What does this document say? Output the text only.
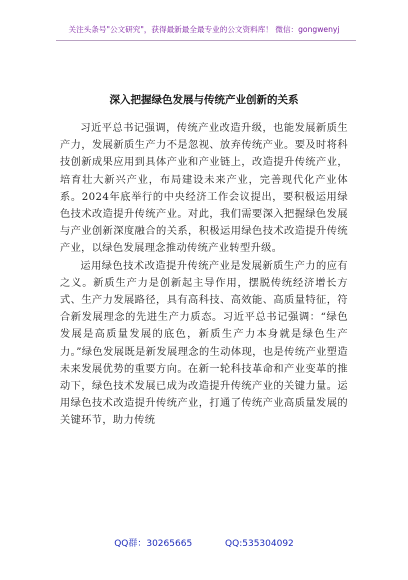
关注头条号"公文研究"，获得最新最全最专业的公文资料库！ 微信：gongwenyj
深入把握绿色发展与传统产业创新的关系

习近平总书记强调，传统产业改造升级，也能发展新质生产力，发展新质生产力不是忽视、放弃传统产业。要及时将科技创新成果应用到具体产业和产业链上，改造提升传统产业，培育壮大新兴产业，布局建设未来产业，完善现代化产业体系。2024年底举行的中央经济工作会议提出，要积极运用绿色技术改造提升传统产业。对此，我们需要深入把握绿色发展与产业创新深度融合的关系，积极运用绿色技术改造提升传统产业，以绿色发展理念推动传统产业转型升级。

运用绿色技术改造提升传统产业是发展新质生产力的应有之义。新质生产力是创新起主导作用，摆脱传统经济增长方式、生产力发展路径，具有高科技、高效能、高质量特征，符合新发展理念的先进生产力质态。习近平总书记强调：“绿色发展是高质量发展的底色，新质生产力本身就是绿色生产力。”绿色发展既是新发展理念的生动体现，也是传统产业塑造未来发展优势的重要方向。在新一轮科技革命和产业变革的推动下，绿色技术发展已成为改造提升传统产业的关键力量。运用绿色技术改造提升传统产业，打通了传统产业高质量发展的关键环节，助力传统

QQ群：30265665	QQ:535304092
